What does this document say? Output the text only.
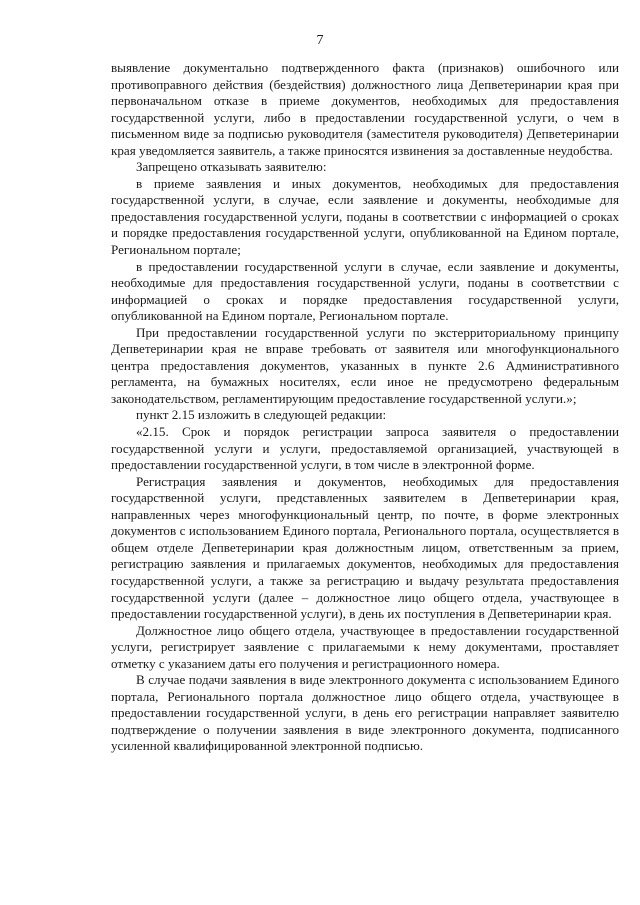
7

выявление документально подтвержденного факта (признаков) ошибочного или противоправного действия (бездействия) должностного лица Депветеринарии края при первоначальном отказе в приеме документов, необходимых для предоставления государственной услуги, либо в предоставлении государственной услуги, о чем в письменном виде за подписью руководителя (заместителя руководителя) Депветеринарии края уведомляется заявитель, а также приносятся извинения за доставленные неудобства.

Запрещено отказывать заявителю:

в приеме заявления и иных документов, необходимых для предоставления государственной услуги, в случае, если заявление и документы, необходимые для предоставления государственной услуги, поданы в соответствии с информацией о сроках и порядке предоставления государственной услуги, опубликованной на Едином портале, Региональном портале;

в предоставлении государственной услуги в случае, если заявление и документы, необходимые для предоставления государственной услуги, поданы в соответствии с информацией о сроках и порядке предоставления государственной услуги, опубликованной на Едином портале, Региональном портале.

При предоставлении государственной услуги по экстерриториальному принципу Депветеринарии края не вправе требовать от заявителя или многофункционального центра предоставления документов, указанных в пункте 2.6 Административного регламента, на бумажных носителях, если иное не предусмотрено федеральным законодательством, регламентирующим предоставление государственной услуги.»;

пункт 2.15 изложить в следующей редакции:

«2.15. Срок и порядок регистрации запроса заявителя о предоставлении государственной услуги и услуги, предоставляемой организацией, участвующей в предоставлении государственной услуги, в том числе в электронной форме.

Регистрация заявления и документов, необходимых для предоставления государственной услуги, представленных заявителем в Депветеринарии края, направленных через многофункциональный центр, по почте, в форме электронных документов с использованием Единого портала, Регионального портала, осуществляется в общем отделе Депветеринарии края должностным лицом, ответственным за прием, регистрацию заявления и прилагаемых документов, необходимых для предоставления государственной услуги, а также за регистрацию и выдачу результата предоставления государственной услуги (далее – должностное лицо общего отдела, участвующее в предоставлении государственной услуги), в день их поступления в Депветеринарии края.

Должностное лицо общего отдела, участвующее в предоставлении государственной услуги, регистрирует заявление с прилагаемыми к нему документами, проставляет отметку с указанием даты его получения и регистрационного номера.

В случае подачи заявления в виде электронного документа с использованием Единого портала, Регионального портала должностное лицо общего отдела, участвующее в предоставлении государственной услуги, в день его регистрации направляет заявителю подтверждение о получении заявления в виде электронного документа, подписанного усиленной квалифицированной электронной подписью.
